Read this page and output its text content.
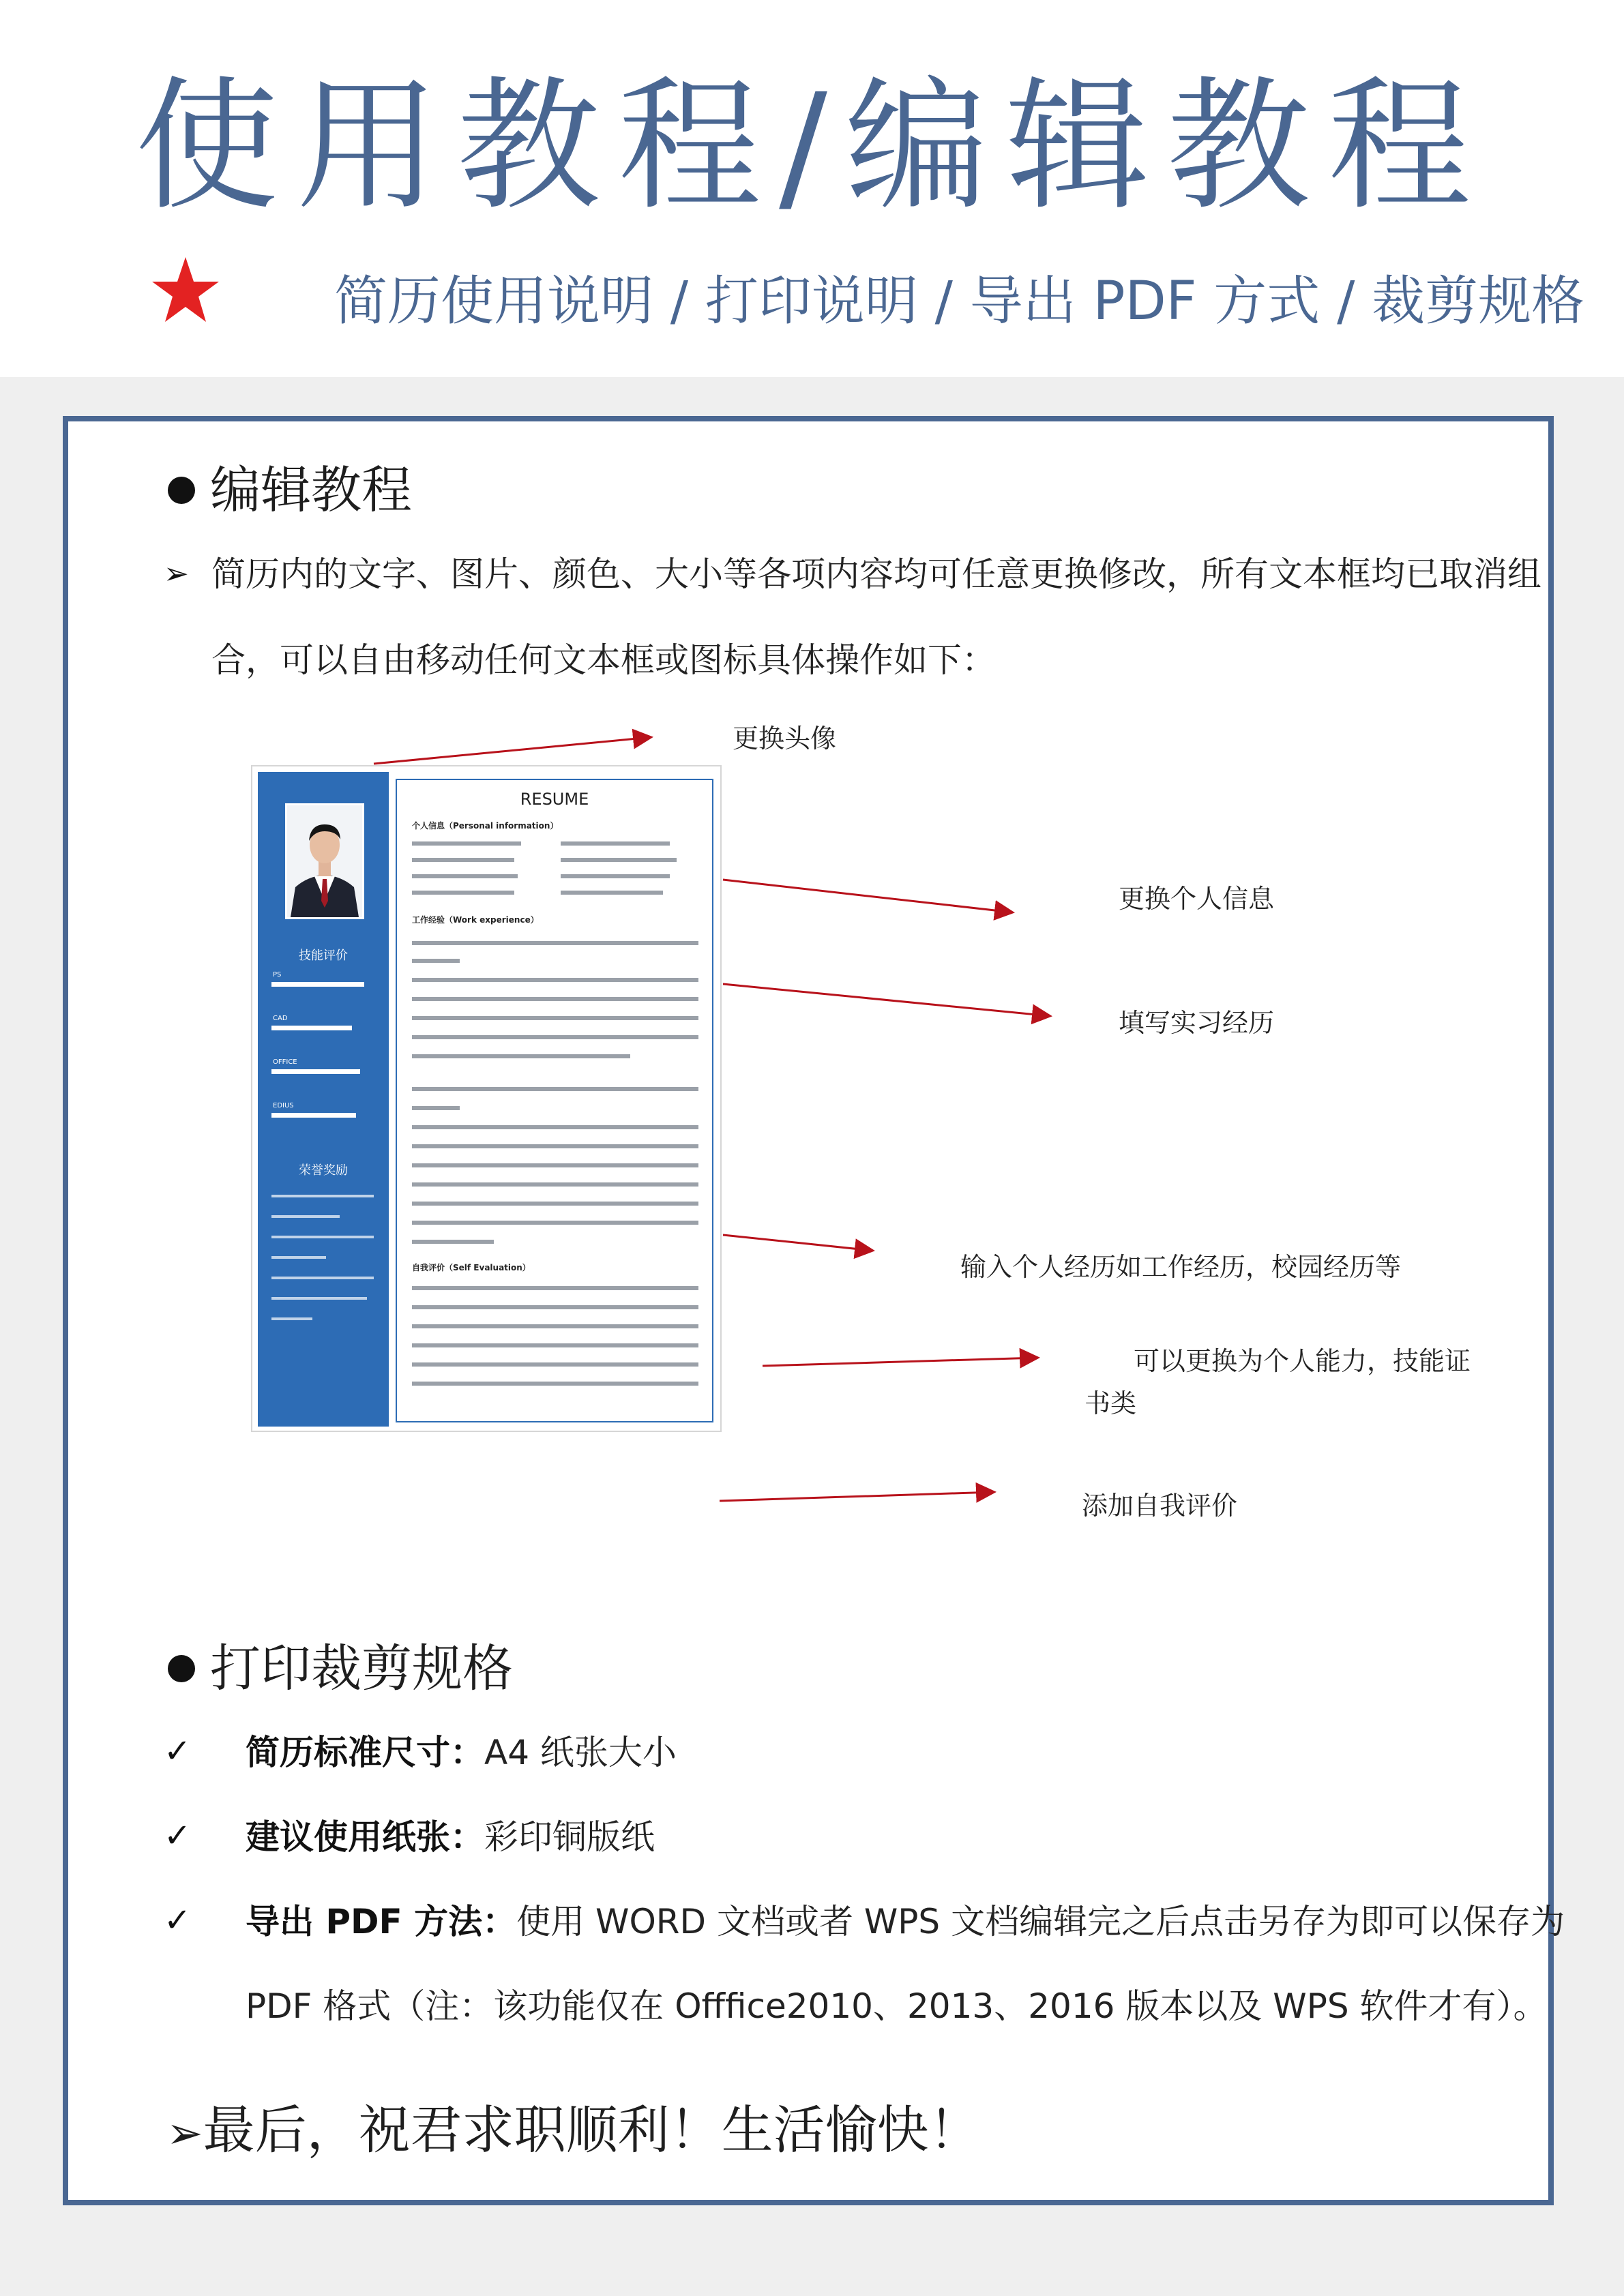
使用教程/编辑教程
简历使用说明 / 打印说明 / 导出 PDF 方式 / 裁剪规格
编辑教程
➢ 简历内的文字、图片、颜色、大小等各项内容均可任意更换修改，所有文本框均已取消组
合，可以自由移动任何文本框或图标具体操作如下：
技能评价
PS
CAD
OFFICE
EDIUS
荣誉奖励
RESUME
个人信息（Personal information）
工作经验（Work experience）
自我评价（Self Evaluation）
更换头像
更换个人信息
填写实习经历
输入个人经历如工作经历，校园经历等
可以更换为个人能力，技能证
书类
添加自我评价
打印裁剪规格
✓ 简历标准尺寸：A4 纸张大小
✓ 建议使用纸张：彩印铜版纸
✓ 导出 PDF 方法：使用 WORD 文档或者 WPS 文档编辑完之后点击另存为即可以保存为
PDF 格式（注：该功能仅在 Offfice2010、2013、2016 版本以及 WPS 软件才有）。
➢最后，祝君求职顺利！生活愉快！
